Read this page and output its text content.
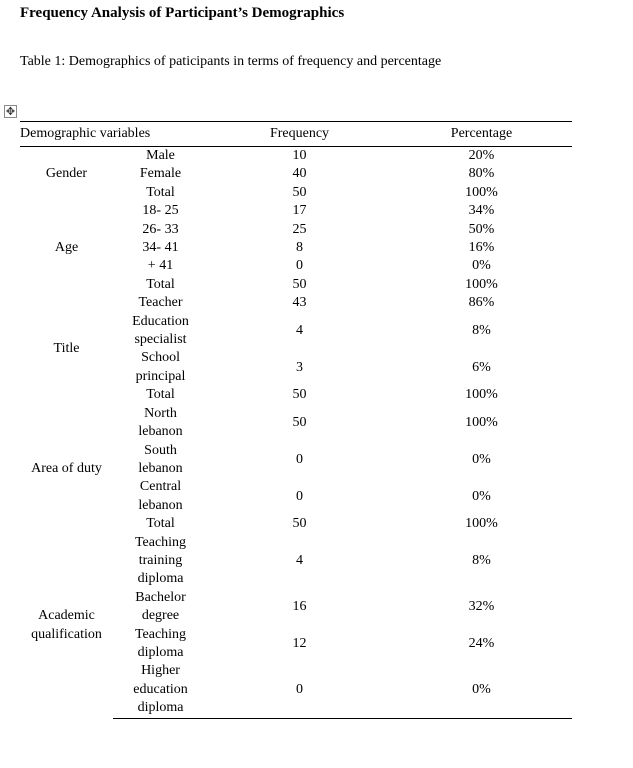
Frequency Analysis of Participant’s Demographics

Table 1: Demographics of paticipants in terms of frequency and percentage

✥
Demographic variables		Frequency	Percentage
Gender	Male	10	20%

	Female	40	80%

	Total	50	100%
Age	18- 25	17	34%

	26- 33	25	50%

	34- 41	8	16%

	+ 41	0	0%

	Total	50	100%
Title	Teacher	43	86%

	Education
specialist	4	8%

	School
principal	3	6%

	Total	50	100%
Area of duty	North
lebanon	50	100%

	South
lebanon	0	0%

	Central
lebanon	0	0%

	Total	50	100%
Academic qualification	Teaching
training
diploma	4	8%

	Bachelor
degree	16	32%

	Teaching
diploma	12	24%

	Higher
education
diploma	0	0%
